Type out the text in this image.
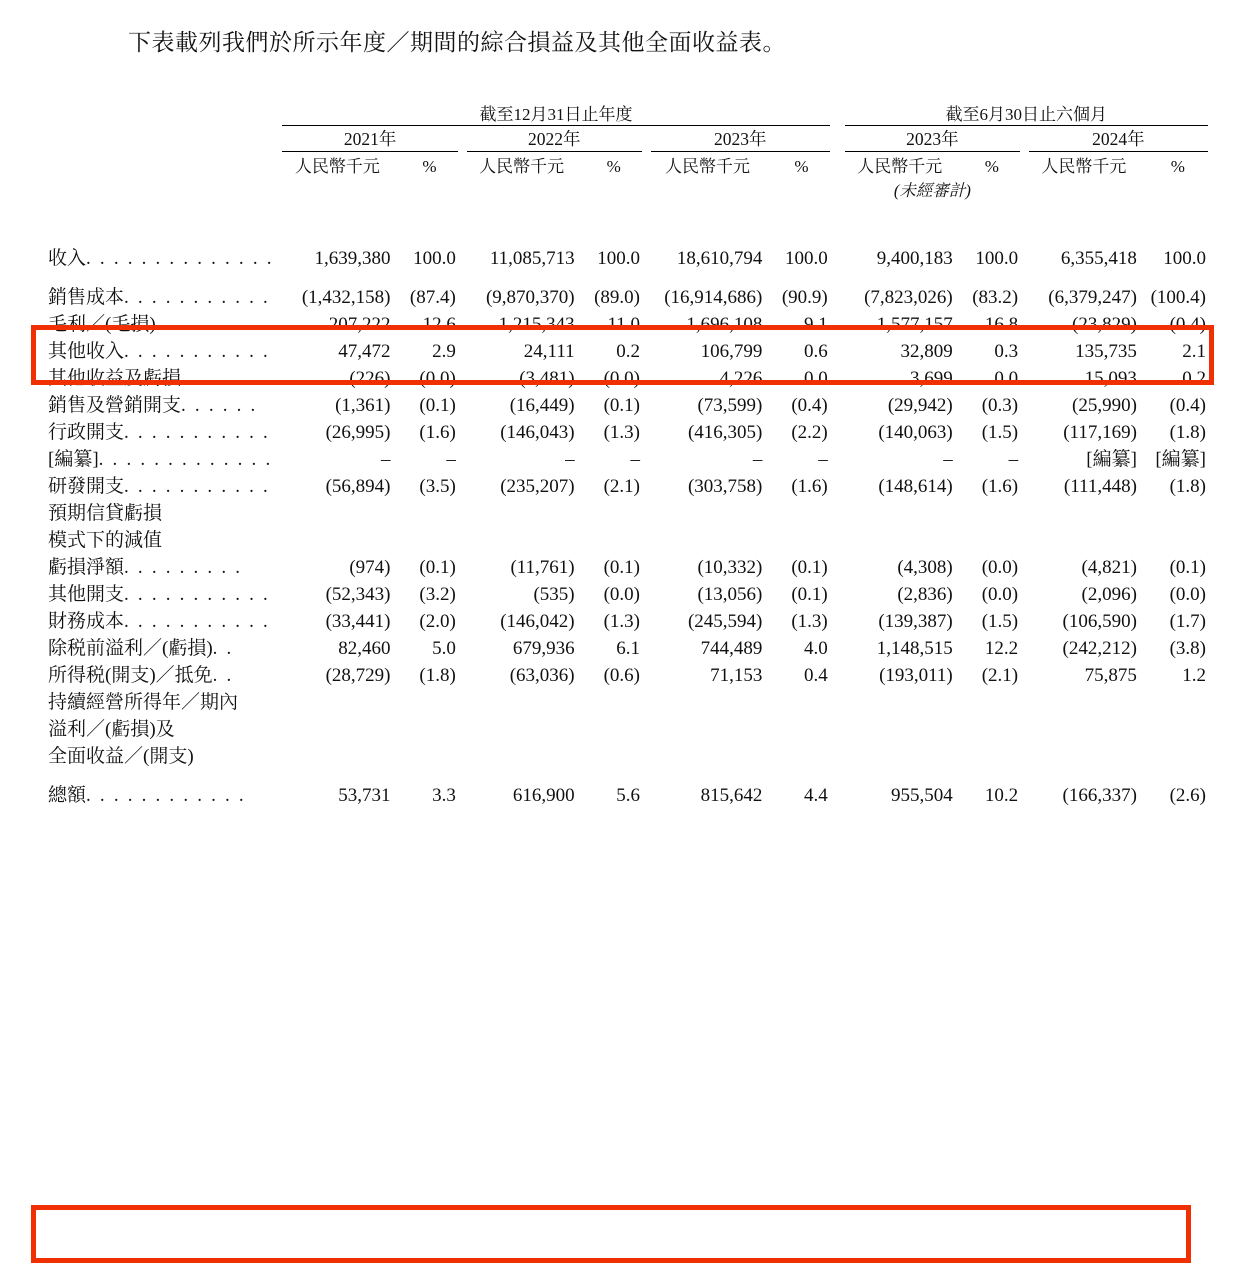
下表載列我們於所示年度／期間的綜合損益及其他全面收益表。
		截至12月31日止年度												截至6月30日止六個月						
		2021年				2022年				2023年				2023年				2024年		
		人民幣千元		%		人民幣千元		%		人民幣千元		%		人民幣千元		%		人民幣千元		%
														(未經審計)						

收入. . . . . . . . . . . . . .		1,639,380		100.0		11,085,713		100.0		18,610,794		100.0		9,400,183		100.0		6,355,418		100.0
銷售成本. . . . . . . . . . .		(1,432,158)		(87.4)		(9,870,370)		(89.0)		(16,914,686)		(90.9)		(7,823,026)		(83.2)		(6,379,247)		(100.4)
毛利／(毛損). . . . . . .		207,222		12.6		1,215,343		11.0		1,696,108		9.1		1,577,157		16.8		(23,829)		(0.4)
其他收入. . . . . . . . . . .		47,472		2.9		24,111		0.2		106,799		0.6		32,809		0.3		135,735		2.1
其他收益及虧損. . . . . .		(226)		(0.0)		(3,481)		(0.0)		4,226		0.0		3,699		0.0		15,093		0.2
銷售及營銷開支. . . . . .		(1,361)		(0.1)		(16,449)		(0.1)		(73,599)		(0.4)		(29,942)		(0.3)		(25,990)		(0.4)
行政開支. . . . . . . . . . .		(26,995)		(1.6)		(146,043)		(1.3)		(416,305)		(2.2)		(140,063)		(1.5)		(117,169)		(1.8)
[編纂]. . . . . . . . . . . . .		–		–		–		–		–		–		–		–		[編纂]		[編纂]
研發開支. . . . . . . . . . .		(56,894)		(3.5)		(235,207)		(2.1)		(303,758)		(1.6)		(148,614)		(1.6)		(111,448)		(1.8)
預期信貸虧損																				
模式下的減值																				
虧損淨額. . . . . . . . .		(974)		(0.1)		(11,761)		(0.1)		(10,332)		(0.1)		(4,308)		(0.0)		(4,821)		(0.1)
其他開支. . . . . . . . . . .		(52,343)		(3.2)		(535)		(0.0)		(13,056)		(0.1)		(2,836)		(0.0)		(2,096)		(0.0)
財務成本. . . . . . . . . . .		(33,441)		(2.0)		(146,042)		(1.3)		(245,594)		(1.3)		(139,387)		(1.5)		(106,590)		(1.7)
除税前溢利／(虧損). .		82,460		5.0		679,936		6.1		744,489		4.0		1,148,515		12.2		(242,212)		(3.8)
所得税(開支)／抵免. .		(28,729)		(1.8)		(63,036)		(0.6)		71,153		0.4		(193,011)		(2.1)		75,875		1.2
持續經營所得年／期內																				
溢利／(虧損)及																				
全面收益／(開支)																				
總額. . . . . . . . . . . .		53,731		3.3		616,900		5.6		815,642		4.4		955,504		10.2		(166,337)		(2.6)
